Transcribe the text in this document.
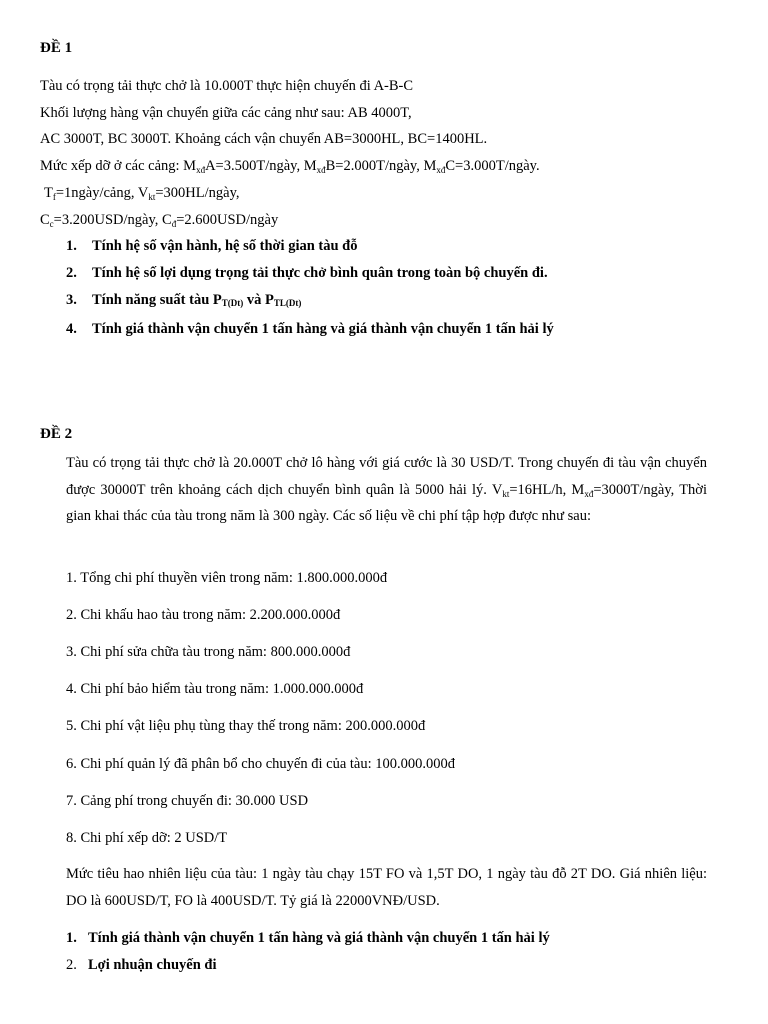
ĐỀ 1
Tàu có trọng tải thực chở là 10.000T thực hiện chuyến đi A-B-C
Khối lượng hàng vận chuyển giữa các cảng như sau: AB 4000T,
AC 3000T, BC 3000T. Khoảng cách vận chuyển AB=3000HL, BC=1400HL.
Mức xếp dỡ ở các cảng: $M_{xđ}A=3.500T$/ngày, $M_{xđ}B=2.000T$/ngày, $M_{xđ}C=3.000T$/ngày.
$T_f=1ngày$/cảng, $V_{kt}=300HL$/ngày,
$C_c=3.200USD$/ngày, $C_đ=2.600USD$/ngày
1.	Tính hệ số vận hành, hệ số thời gian tàu đỗ
2.	Tính hệ số lợi dụng trọng tải thực chở bình quân trong toàn bộ chuyến đi.
3.	Tính năng suất tàu PT(Dt) và PTL(Dt)
4.	Tính giá thành vận chuyển 1 tấn hàng và giá thành vận chuyển 1 tấn hải lý
ĐỀ 2
Tàu có trọng tải thực chở là 20.000T chở lô hàng với giá cước là 30 USD/T. Trong chuyến đi tàu vận chuyển được 30000T trên khoảng cách dịch chuyển bình quân là 5000 hải lý. $V_{kt}=16HL/h$, $M_{xđ}=3000T$/ngày, Thời gian khai thác của tàu trong năm là 300 ngày. Các số liệu về chi phí tập hợp được như sau:
1. Tổng chi phí thuyền viên trong năm: 1.800.000.000đ
2. Chi khấu hao tàu trong năm: 2.200.000.000đ
3. Chi phí sửa chữa tàu trong năm: 800.000.000đ
4. Chi phí bảo hiểm tàu trong năm: 1.000.000.000đ
5. Chi phí vật liệu phụ tùng thay thế trong năm: 200.000.000đ
6. Chi phí quản lý đã phân bổ cho chuyến đi của tàu: 100.000.000đ
7. Cảng phí trong chuyến đi: 30.000 USD
8. Chi phí xếp dỡ: 2 USD/T
Mức tiêu hao nhiên liệu của tàu: 1 ngày tàu chạy 15T FO và 1,5T DO, 1 ngày tàu đỗ 2T DO. Giá nhiên liệu: DO là 600USD/T, FO là 400USD/T. Tỷ giá là 22000VNĐ/USD.
1. Tính giá thành vận chuyển 1 tấn hàng và giá thành vận chuyển 1 tấn hải lý
2. Lợi nhuận chuyến đi
